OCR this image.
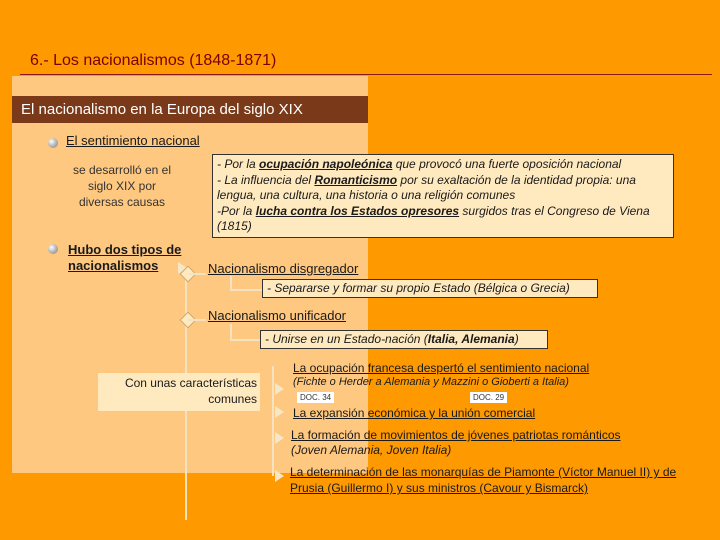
6.- Los nacionalismos (1848-1871)
El nacionalismo en la Europa del siglo XIX
El sentimiento nacional
se desarrolló en el siglo XIX por diversas causas
- Por la ocupación napoleónica que provocó una fuerte oposición nacional
- La influencia del Romanticismo por su exaltación de la identidad propia: una lengua, una cultura, una historia o una religión comunes
-Por la lucha contra los Estados opresores surgidos tras el Congreso de Viena (1815)
Hubo dos tipos de nacionalismos	Nacionalismo disgregador
- Separarse y formar su propio Estado (Bélgica o Grecia)
Nacionalismo unificador
- Unirse en un Estado-nación (Italia, Alemania)
Con unas características comunes
La ocupación francesa despertó el sentimiento nacional
(Fichte o Herder a Alemania y Mazzini o Gioberti a Italia)
DOC. 34	DOC. 29
La expansión económica y la unión comercial
La formación de movimientos de jóvenes patriotas románticos (Joven Alemania, Joven Italia)
La determinación de las monarquías de Piamonte (Víctor Manuel II) y de Prusia (Guillermo I) y sus ministros (Cavour y Bismarck)
